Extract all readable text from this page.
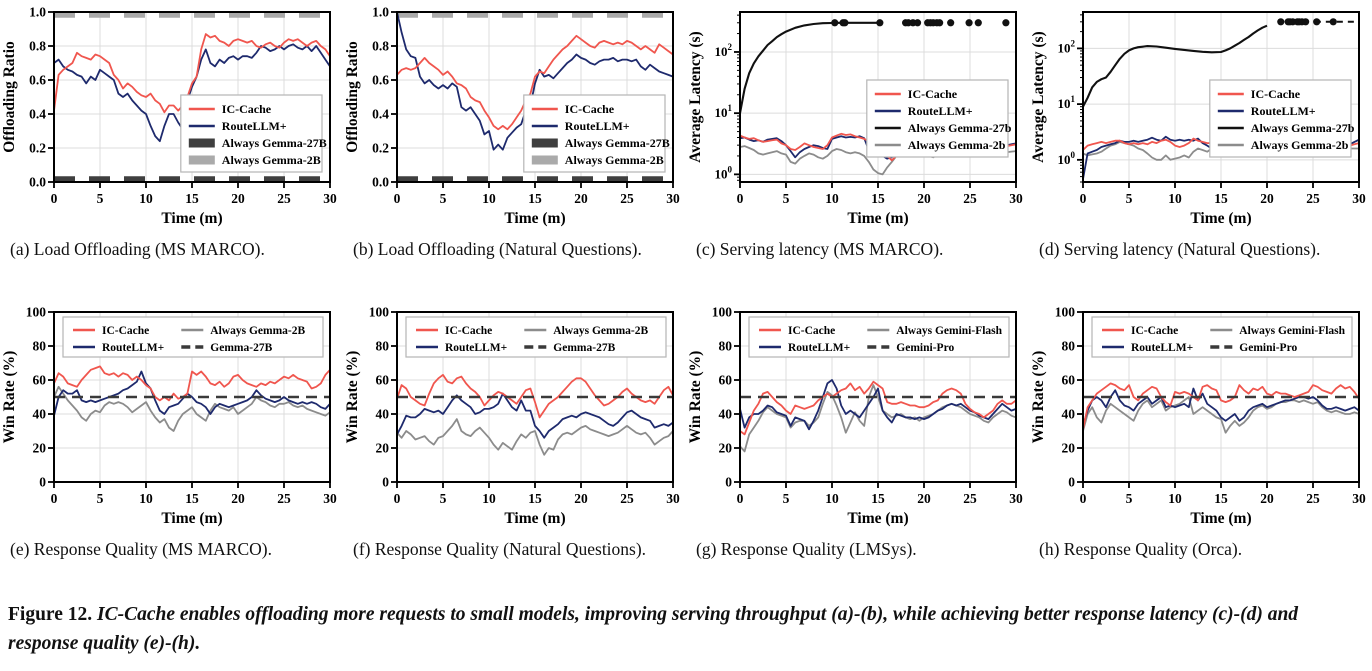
0	5	10 15 20 25 30
0.0
0.2
0.4
0.6
0.8
1.0
Time (m)
Offloading Ratio	IC-Cache
RouteLLM+
Always Gemma-27B
Always Gemma-2B
(a) Load Offloading (MS MARCO).
0	5	10 15 20 25 30
0.0
0.2
0.4
0.6
0.8
1.0
Time (m)
Offloading Ratio	IC-Cache
RouteLLM+
Always Gemma-27B
Always Gemma-2B
(b) Load Offloading (Natural Questions).
0	5	10 15 20 25 30
$10^0$
$10^1$
$10^2$
Time (m)
Average Latency (s)	IC-Cache
RouteLLM+
Always Gemma-27b
Always Gemma-2b
(c) Serving latency (MS MARCO).
0	5	10 15 20 25 30
$10^0$
$10^1$
$10^2$
Time (m)
Average Latency (s)	IC-Cache
RouteLLM+
Always Gemma-27b
Always Gemma-2b
(d) Serving latency (Natural Questions).
0	5	10 15 20 25 30
0
20
40
60
80
100
Time (m)
Win Rate (%)
IC-Cache
RouteLLM+
Always Gemma-2B
Gemma-27B
(e) Response Quality (MS MARCO).
0	5	10 15 20 25 30
0
20
40
60
80
100
Time (m)
Win Rate (%)
IC-Cache
RouteLLM+
Always Gemma-2B
Gemma-27B
(f) Response Quality (Natural Questions).
0	5	10 15 20 25 30
0
20
40
60
80
100
Time (m)
Win Rate (%)
IC-Cache
RouteLLM+
Always Gemini-Flash
Gemini-Pro
(g) Response Quality (LMSys).
0	5	10 15 20 25 30
0
20
40
60
80
100
Time (m)
Win Rate (%)
IC-Cache
RouteLLM+
Always Gemini-Flash
Gemini-Pro
(h) Response Quality (Orca).

Figure 12. IC-Cache enables offloading more requests to small models, improving serving throughput (a)-(b), while achieving better response latency (c)-(d) and response quality (e)-(h).
